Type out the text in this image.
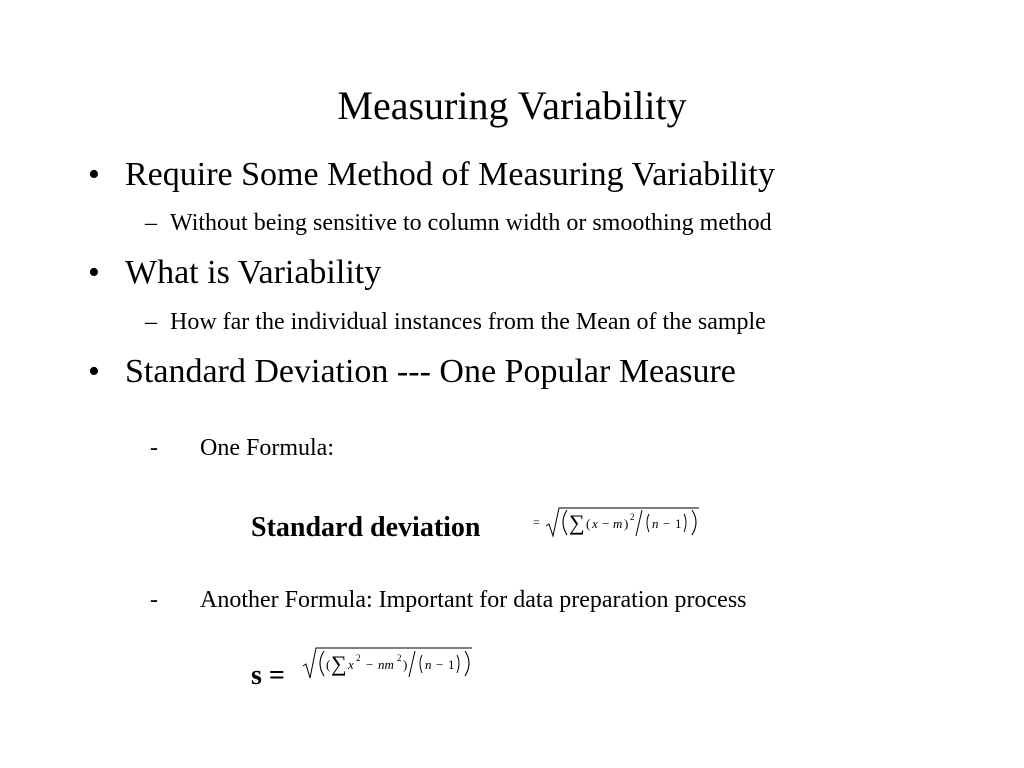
Measuring Variability
• Require Some Method of Measuring Variability
– Without being sensitive to column width or smoothing method
• What is Variability
– How far the individual instances from the Mean of the sample
• Standard Deviation --- One Popular Measure
- One Formula:
Standard deviation	= ∑ ( x − m ) 2 n − 1
- Another Formula: Important for data preparation process
s =	( ∑ x 2 − nm 2 ) n − 1
